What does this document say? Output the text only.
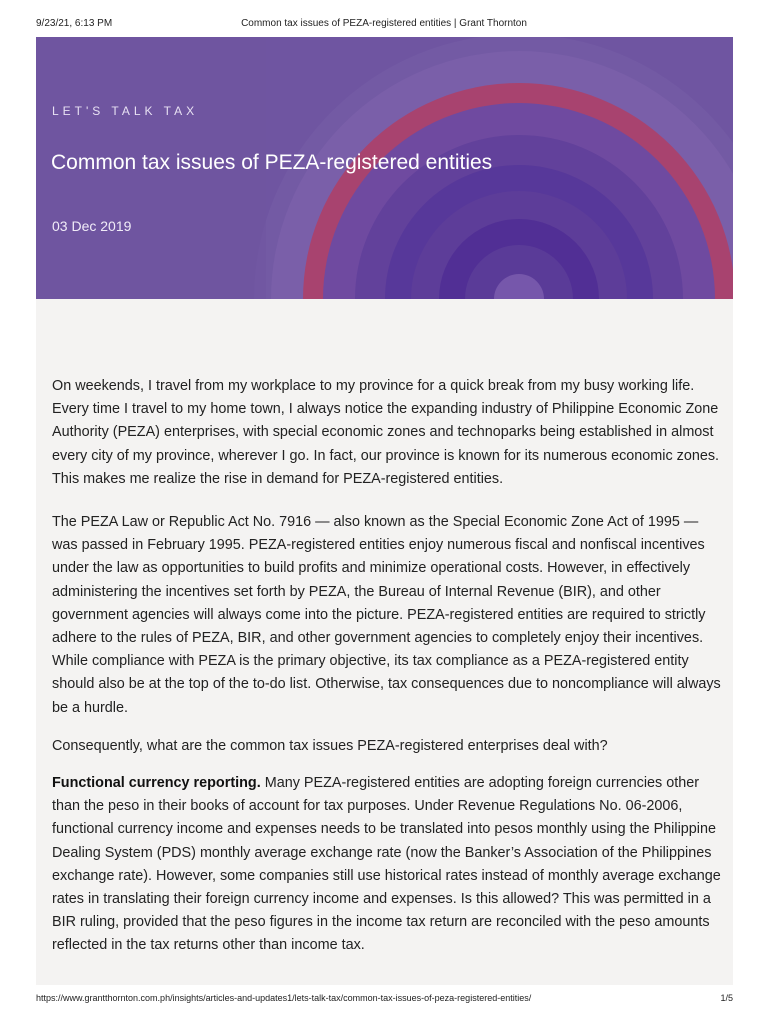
9/23/21, 6:13 PM	Common tax issues of PEZA-registered entities | Grant Thornton
LET'S TALK TAX
Common tax issues of PEZA-registered entities
03 Dec 2019

On weekends, I travel from my workplace to my province for a quick break from my busy working life. Every time I travel to my home town, I always notice the expanding industry of Philippine Economic Zone Authority (PEZA) enterprises, with special economic zones and technoparks being established in almost every city of my province, wherever I go. In fact, our province is known for its numerous economic zones. This makes me realize the rise in demand for PEZA-registered entities.

The PEZA Law or Republic Act No. 7916 — also known as the Special Economic Zone Act of 1995 — was passed in February 1995. PEZA-registered entities enjoy numerous fiscal and nonfiscal incentives under the law as opportunities to build profits and minimize operational costs. However, in effectively administering the incentives set forth by PEZA, the Bureau of Internal Revenue (BIR), and other government agencies will always come into the picture. PEZA-registered entities are required to strictly adhere to the rules of PEZA, BIR, and other government agencies to completely enjoy their incentives. While compliance with PEZA is the primary objective, its tax compliance as a PEZA-registered entity should also be at the top of the to-do list. Otherwise, tax consequences due to noncompliance will always be a hurdle.

Consequently, what are the common tax issues PEZA-registered enterprises deal with?

Functional currency reporting. Many PEZA-registered entities are adopting foreign currencies other than the peso in their books of account for tax purposes. Under Revenue Regulations No. 06-2006, functional currency income and expenses needs to be translated into pesos monthly using the Philippine Dealing System (PDS) monthly average exchange rate (now the Banker’s Association of the Philippines exchange rate). However, some companies still use historical rates instead of monthly average exchange rates in translating their foreign currency income and expenses. Is this allowed? This was permitted in a BIR ruling, provided that the peso figures in the income tax return are reconciled with the peso amounts reflected in the tax returns other than income tax.

https://www.grantthornton.com.ph/insights/articles-and-updates1/lets-talk-tax/common-tax-issues-of-peza-registered-entities/	1/5
